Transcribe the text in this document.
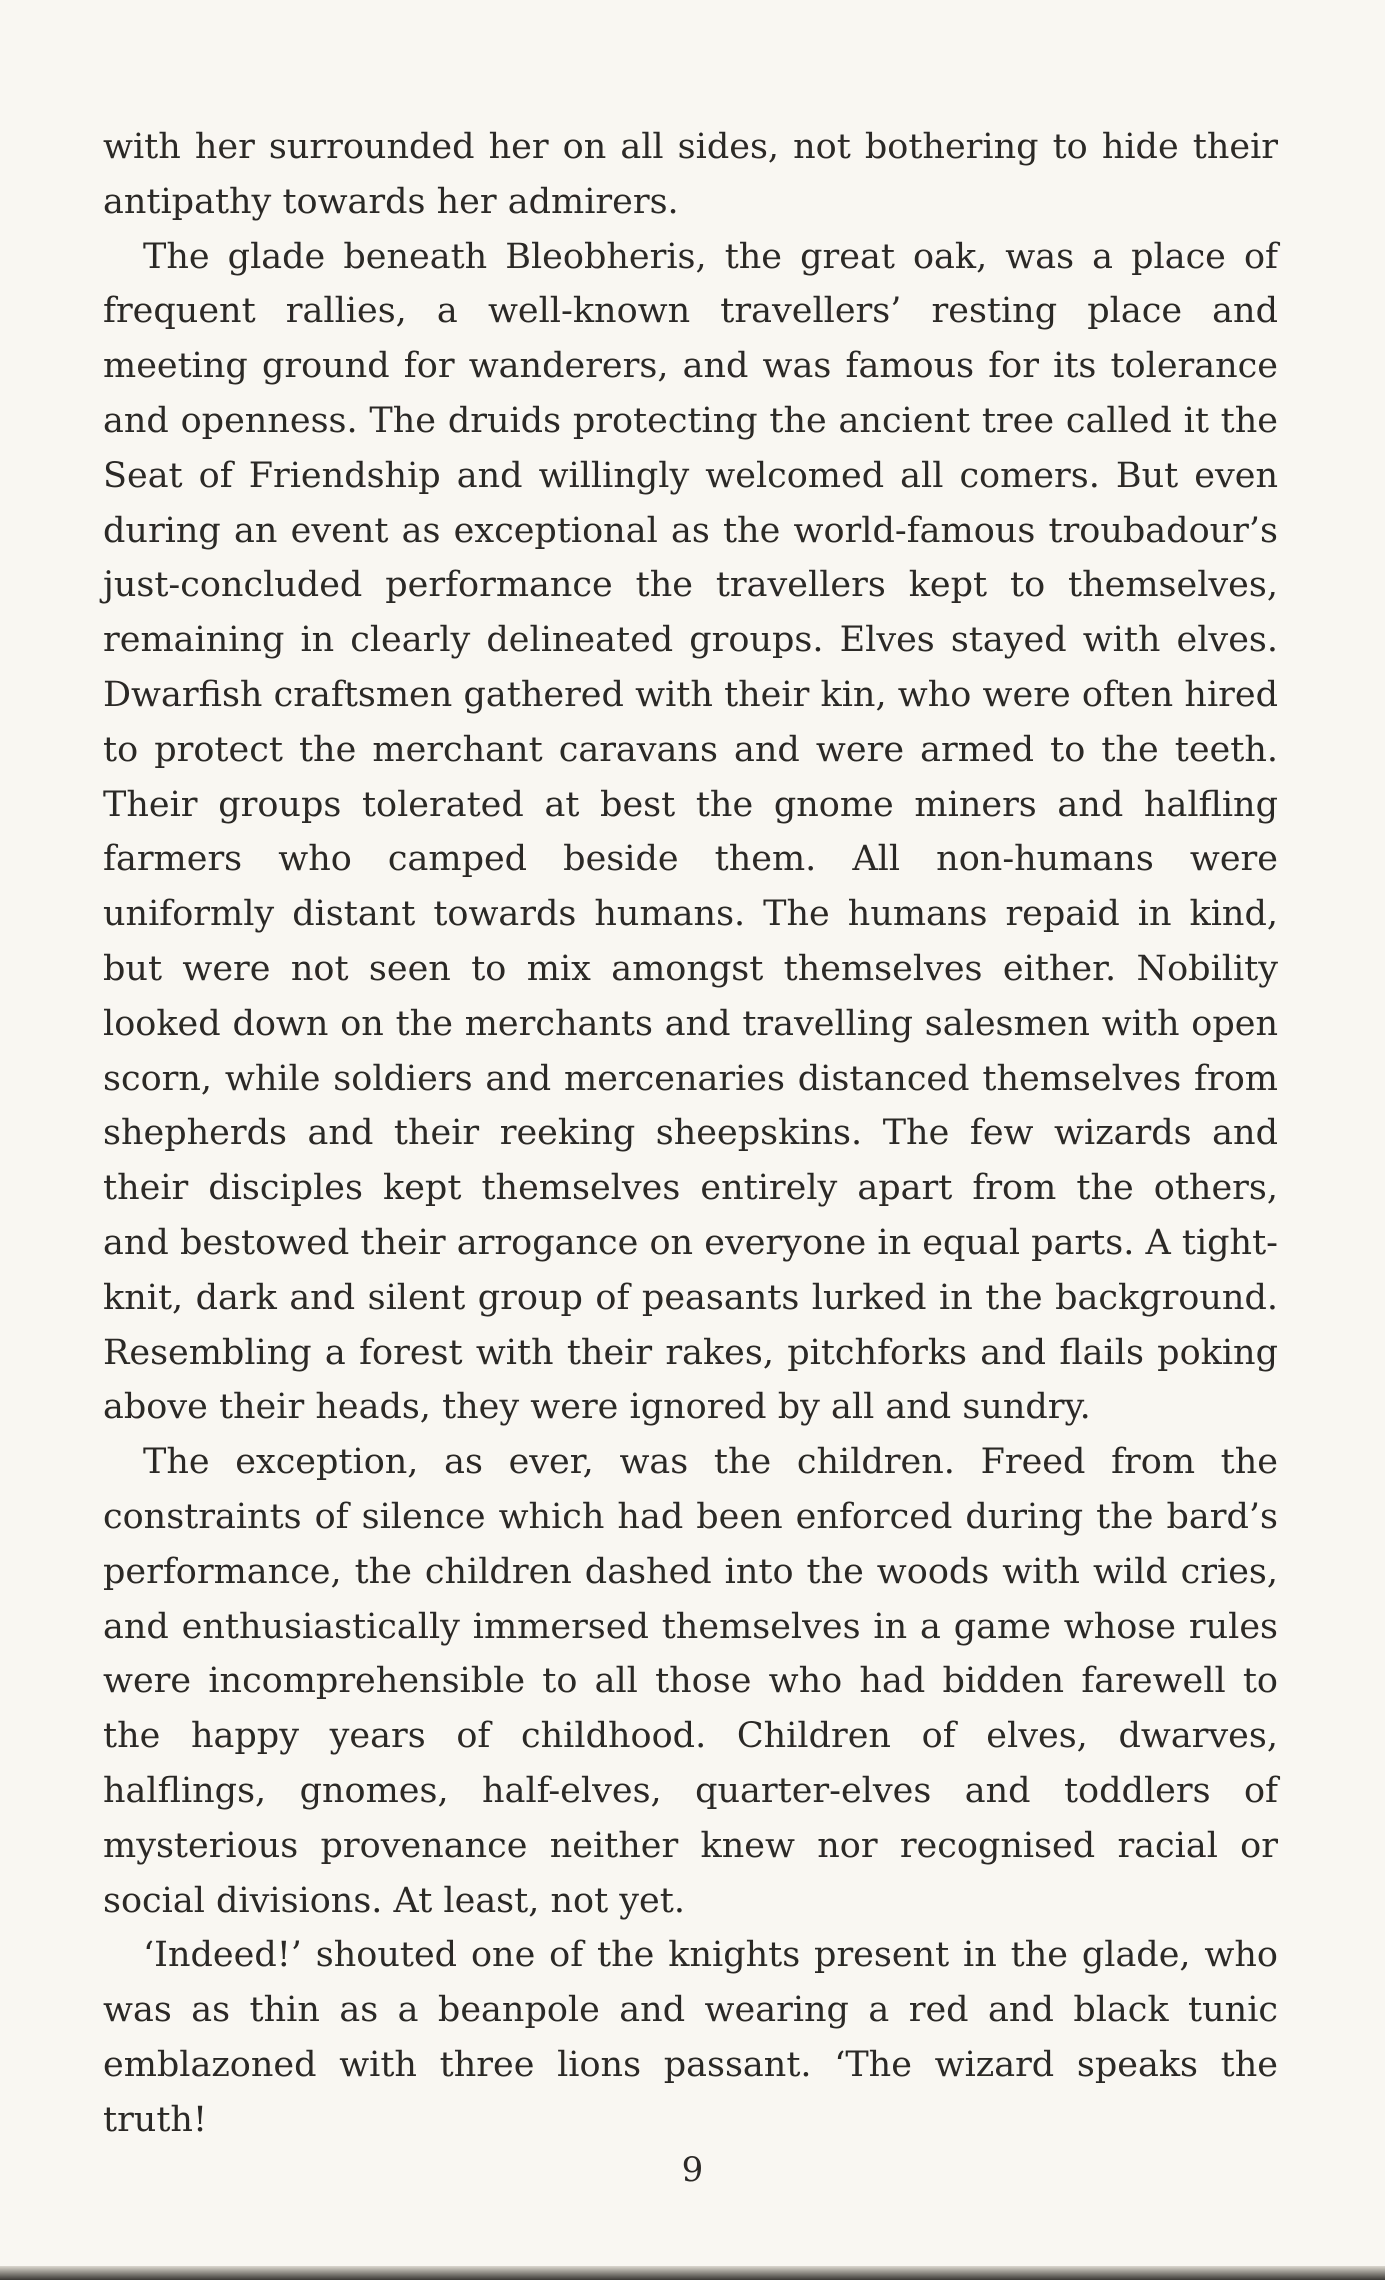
with her surrounded her on all sides, not bothering to hide their antipathy towards her admirers.

The glade beneath Bleobheris, the great oak, was a place of frequent rallies, a well-known travellers’ resting place and meeting ground for wanderers, and was famous for its tolerance and openness. The druids protecting the ancient tree called it the Seat of Friendship and willingly welcomed all comers. But even during an event as exceptional as the world-famous troubadour’s just-concluded performance the travellers kept to themselves, remaining in clearly delineated groups. Elves stayed with elves. Dwarfish craftsmen gathered with their kin, who were often hired to protect the merchant caravans and were armed to the teeth. Their groups tolerated at best the gnome miners and halfling farmers who camped beside them. All non-humans were uniformly distant towards humans. The humans repaid in kind, but were not seen to mix amongst themselves either. Nobility looked down on the merchants and travelling salesmen with open scorn, while soldiers and mercenaries distanced themselves from shepherds and their reeking sheepskins. The few wizards and their disciples kept themselves entirely apart from the others, and bestowed their arrogance on everyone in equal parts. A tight-knit, dark and silent group of peasants lurked in the background. Resembling a forest with their rakes, pitchforks and flails poking above their heads, they were ignored by all and sundry.

The exception, as ever, was the children. Freed from the constraints of silence which had been enforced during the bard’s performance, the children dashed into the woods with wild cries, and enthusiastically immersed themselves in a game whose rules were incomprehensible to all those who had bidden farewell to the happy years of childhood. Children of elves, dwarves, halflings, gnomes, half-elves, quarter-elves and toddlers of mysterious provenance neither knew nor recognised racial or social divisions. At least, not yet.

‘Indeed!’ shouted one of the knights present in the glade, who was as thin as a beanpole and wearing a red and black tunic emblazoned with three lions passant. ‘The wizard speaks the truth!

9
